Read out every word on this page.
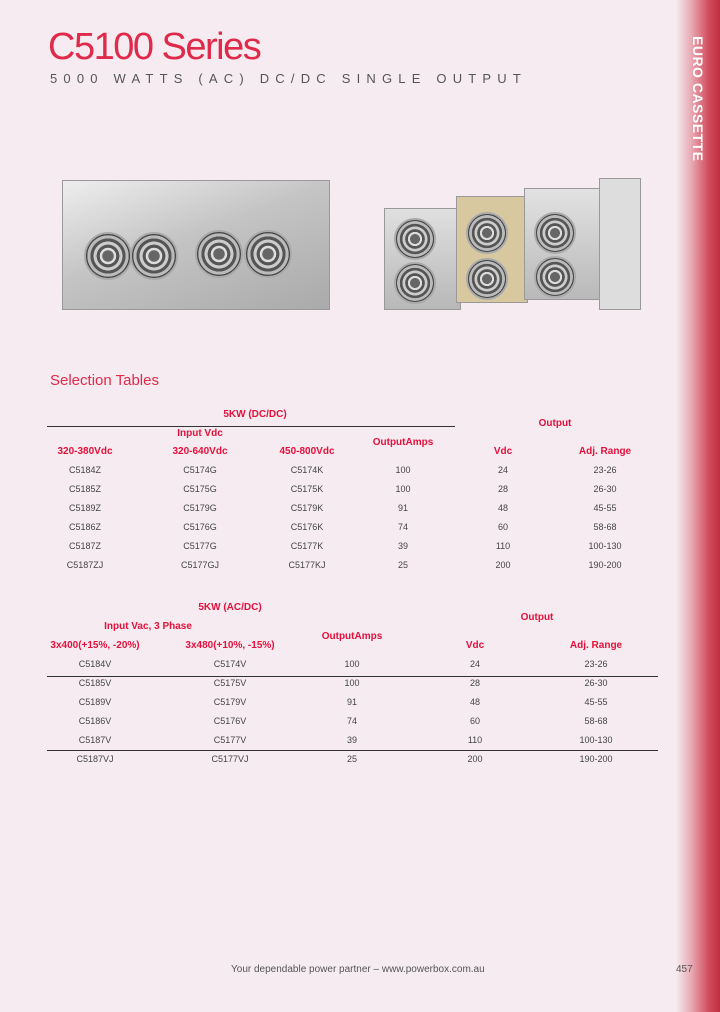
EURO CASSETTE
C5100 Series
5000 WATTS (AC) DC/DC SINGLE OUTPUT
Selection Tables
5KW (DC/DC)
Output
Input Vdc
320-380Vdc	320-640Vdc	450-800Vdc
OutputAmps
Vdc	Adj. Range
C5184Z	C5174G	C5174K	100	24	23-26
C5185Z	C5175G	C5175K	100	28	26-30
C5189Z	C5179G	C5179K	91	48	45-55
C5186Z	C5176G	C5176K	74	60	58-68
C5187Z	C5177G	C5177K	39	110	100-130
C5187ZJ	C5177GJ	C5177KJ	25	200	190-200
5KW (AC/DC)
Output
Input Vac, 3 Phase
3x400(+15%, -20%)	3x480(+10%, -15%)
OutputAmps
Vdc	Adj. Range
C5184V	C5174V	100	24	23-26
C5185V	C5175V	100	28	26-30
C5189V	C5179V	91	48	45-55
C5186V	C5176V	74	60	58-68
C5187V	C5177V	39	110	100-130
C5187VJ	C5177VJ	25	200	190-200
Your dependable power partner – www.powerbox.com.au	457
